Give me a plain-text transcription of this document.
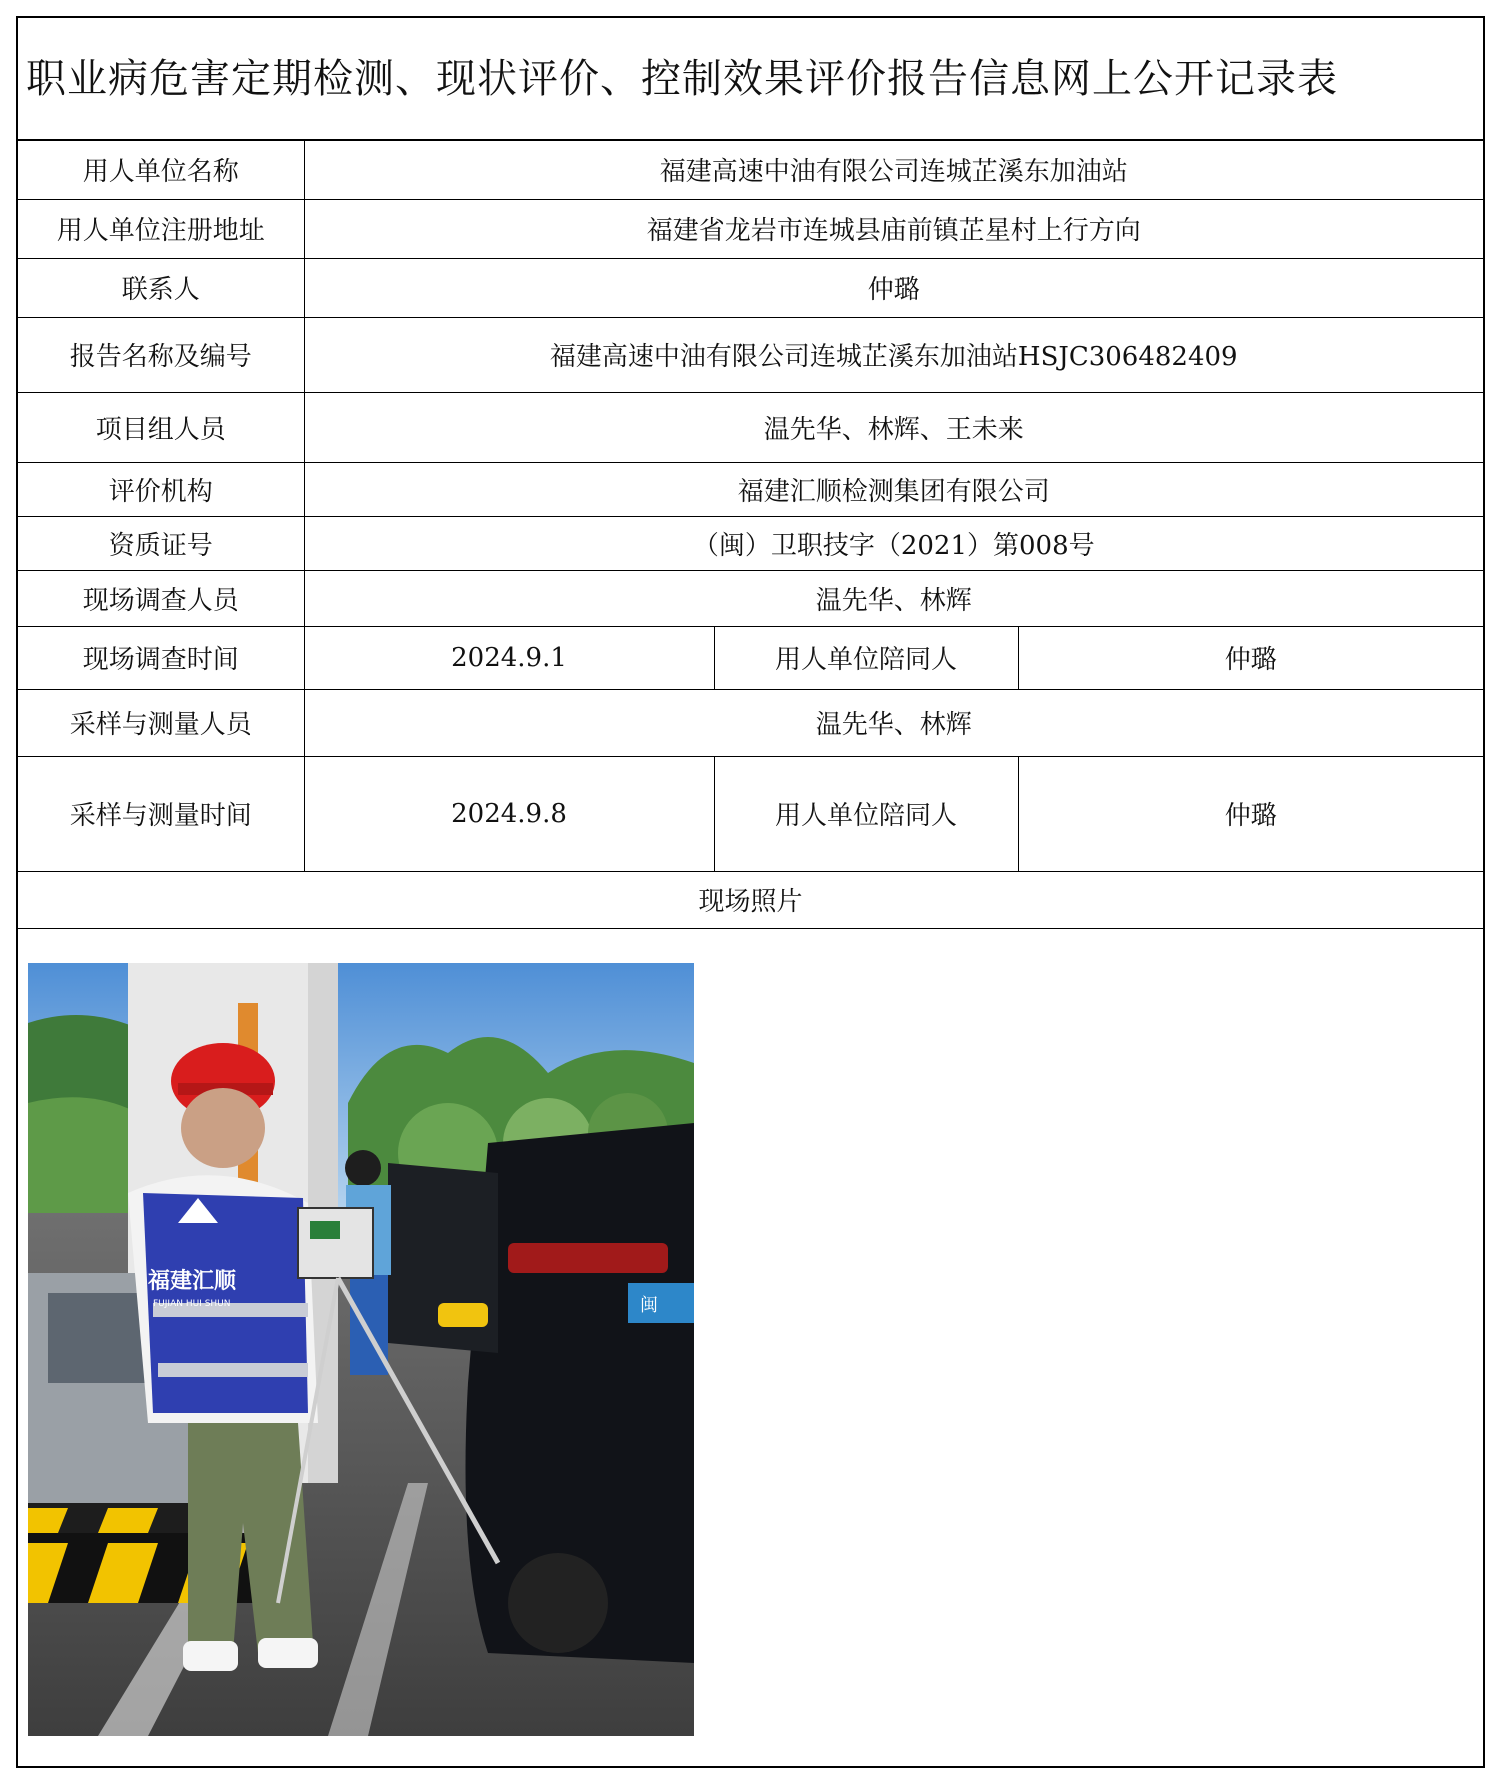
职业病危害定期检测、现状评价、控制效果评价报告信息网上公开记录表
用人单位名称	福建高速中油有限公司连城芷溪东加油站		
用人单位注册地址	福建省龙岩市连城县庙前镇芷星村上行方向		
联系人	仲璐		
报告名称及编号	福建高速中油有限公司连城芷溪东加油站HSJC306482409		
项目组人员	温先华、林辉、王未来		
评价机构	福建汇顺检测集团有限公司		
资质证号	（闽）卫职技字（2021）第008号		
现场调查人员	温先华、林辉		
现场调查时间	2024.9.1	用人单位陪同人	仲璐
采样与测量人员	温先华、林辉		
采样与测量时间	2024.9.8	用人单位陪同人	仲璐
现场照片			
福建汇顺
FUJIAN HUI SHUN	闽
